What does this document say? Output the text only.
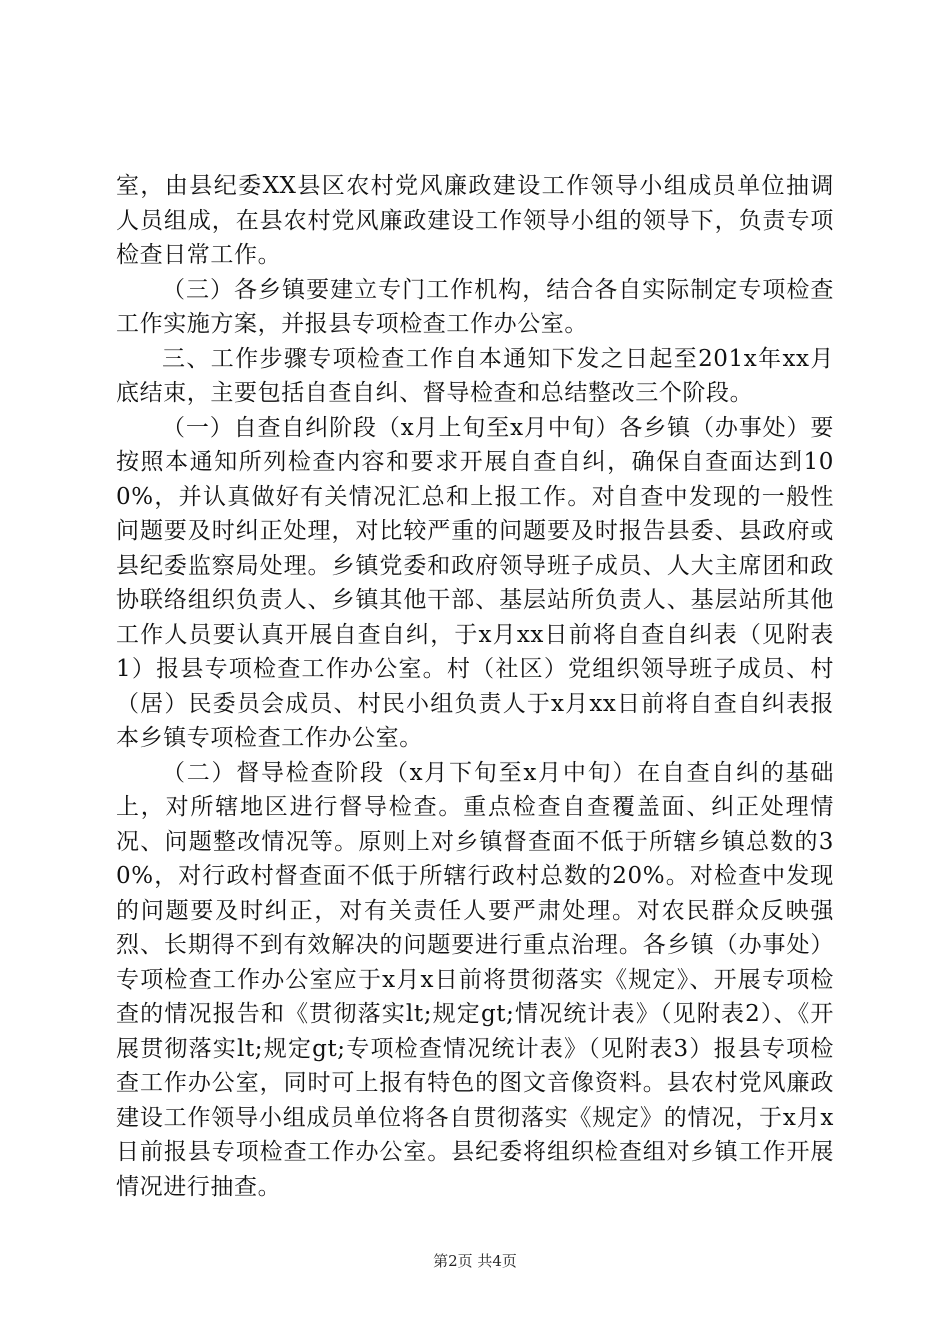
室，由县纪委XX县区农村党风廉政建设工作领导小组成员单位抽调人员组成，在县农村党风廉政建设工作领导小组的领导下，负责专项检查日常工作。

（三）各乡镇要建立专门工作机构，结合各自实际制定专项检查工作实施方案，并报县专项检查工作办公室。

三、工作步骤专项检查工作自本通知下发之日起至201x年xx月底结束，主要包括自查自纠、督导检查和总结整改三个阶段。

（一）自查自纠阶段（x月上旬至x月中旬）各乡镇（办事处）要按照本通知所列检查内容和要求开展自查自纠，确保自查面达到100%，并认真做好有关情况汇总和上报工作。对自查中发现的一般性问题要及时纠正处理，对比较严重的问题要及时报告县委、县政府或县纪委监察局处理。乡镇党委和政府领导班子成员、人大主席团和政协联络组织负责人、乡镇其他干部、基层站所负责人、基层站所其他工作人员要认真开展自查自纠，于x月xx日前将自查自纠表（见附表1）报县专项检查工作办公室。村（社区）党组织领导班子成员、村（居）民委员会成员、村民小组负责人于x月xx日前将自查自纠表报本乡镇专项检查工作办公室。

（二）督导检查阶段（x月下旬至x月中旬）在自查自纠的基础上，对所辖地区进行督导检查。重点检查自查覆盖面、纠正处理情况、问题整改情况等。原则上对乡镇督查面不低于所辖乡镇总数的30%，对行政村督查面不低于所辖行政村总数的20%。对检查中发现的问题要及时纠正，对有关责任人要严肃处理。对农民群众反映强烈、长期得不到有效解决的问题要进行重点治理。各乡镇（办事处）专项检查工作办公室应于x月x日前将贯彻落实《规定》、开展专项检查的情况报告和《贯彻落实lt;规定gt;情况统计表》（见附表2）、《开展贯彻落实lt;规定gt;专项检查情况统计表》（见附表3）报县专项检查工作办公室，同时可上报有特色的图文音像资料。县农村党风廉政建设工作领导小组成员单位将各自贯彻落实《规定》的情况，于x月x日前报县专项检查工作办公室。县纪委将组织检查组对乡镇工作开展情况进行抽查。

第2页 共4页
